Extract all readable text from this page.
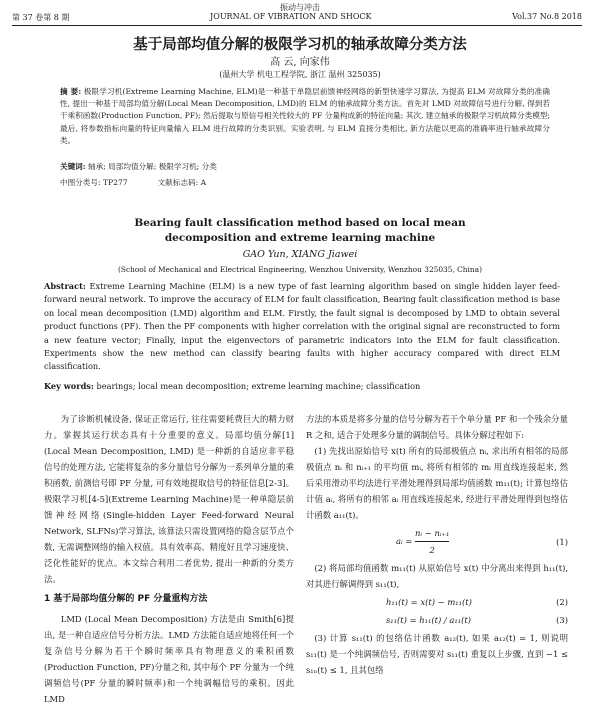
振动与冲击
第 37 卷第 8 期	JOURNAL OF VIBRATION AND SHOCK	Vol.37 No.8 2018
基于局部均值分解的极限学习机的轴承故障分类方法
高 云, 向家伟
(温州大学 机电工程学院, 浙江 温州 325035)
摘 要: 极限学习机(Extreme Learning Machine, ELM)是一种基于单隐层前馈神经网络的新型快速学习算法, 为提高 ELM 对故障分类的准确性, 提出一种基于局部均值分解(Local Mean Decomposition, LMD)的 ELM 的轴承故障分类方法。首先对 LMD 对故障信号进行分解, 得到若干乘积函数(Production Function, PF); 然后提取与原信号相关性较大的 PF 分量构成新的特征向量; 其次, 建立轴承的极限学习机故障分类模型; 最后, 将参数指标向量的特征向量输入 ELM 进行故障的分类识别。实验表明, 与 ELM 直接分类相比, 新方法能以更高的准确率进行轴承故障分类。
关键词: 轴承; 局部均值分解; 极限学习机; 分类
中图分类号: TP277	文献标志码: A
Bearing fault classification method based on local mean decomposition and extreme learning machine
GAO Yun, XIANG Jiawei
(School of Mechanical and Electrical Engineering, Wenzhou University, Wenzhou 325035, China)
Abstract: Extreme Learning Machine (ELM) is a new type of fast learning algorithm based on single hidden layer feed-forward neural network. To improve the accuracy of ELM for fault classification, Bearing fault classification method is base on local mean decomposition (LMD) algorithm and ELM. Firstly, the fault signal is decomposed by LMD to obtain several product functions (PF). Then the PF components with higher correlation with the original signal are reconstructed to form a new feature vector; Finally, input the eigenvectors of parametric indicators into the ELM for fault classification. Experiments show the new method can classify bearing faults with higher accuracy compared with direct ELM classification.
Key words: bearings; local mean decomposition; extreme learning machine; classification

为了诊断机械设备, 保证正常运行, 往往需要耗费巨大的精力财力。掌握其运行状态具有十分重要的意义。局部均值分解[1] (Local Mean Decomposition, LMD) 是一种新的自适应非平稳信号的处理方法, 它能将复杂的多分量信号分解为一系列单分量的乘积函数, 前测信号即 PF 分量, 可有效地提取信号的特征信息[2-3]。极限学习机[4-5](Extreme Learning Machine)是一种单隐层前馈神经网络(Single-hidden Layer Feed-forward Neural Network, SLFNs)学习算法, 该算法只需设置网络的隐含层节点个数, 无需调整网络的输入权值。具有效率高、精度好且学习速度快、泛化性能好的优点。本文综合利用二者优势, 提出一种新的分类方法。

1 基于局部均值分解的 PF 分量重构方法

LMD (Local Mean Decomposition) 方法是由 Smith[6]提出, 是一种自适应信号分析方法。LMD 方法能自适应地将任何一个复杂信号分解为若干个瞬时频率具有物理意义的乘积函数(Production Function, PF)分量之和, 其中每个 PF 分量为一个纯调频信号(PF 分量的瞬时频率)和一个纯调幅信号的乘积。因此 LMD

方法的本质是将多分量的信号分解为若干个单分量 PF 和一个残余分量 R 之和, 适合于处理多分量的调制信号。具体分解过程如下:

(1) 先找出原始信号 x(t) 所有的局部极值点 nᵢ, 求出所有相邻的局部极值点 nᵢ 和 nᵢ₊₁ 的平均值 mᵢ, 将所有相邻的 mᵢ 用直线连接起来, 然后采用滑动平均法进行平滑处理得到局部均值函数 m₁₁(t); 计算包络估计值 aᵢ, 将所有的相邻 aᵢ 用直线连接起来, 经进行平滑处理得到包络估计函数 a₁₁(t)。

aᵢ = $\frac{\text{nᵢ − nᵢ₊₁}}{2}$	(1)

(2) 将局部均值函数 m₁₁(t) 从原始信号 x(t) 中分离出来得到 h₁₁(t), 对其进行解调得到 s₁₁(t),

h₁₁(t) = x(t) − m₁₁(t)	(2)
s₁₁(t) = h₁₁(t) / a₁₁(t)	(3)

(3) 计算 s₁₁(t) 的包络估计函数 a₁₂(t), 如果 a₁₂(t) = 1, 则说明 s₁₁(t) 是一个纯调频信号, 否则需要对 s₁₁(t) 重复以上步骤, 直到 −1 ≤ s₁ₙ(t) ≤ 1, 且其包络
